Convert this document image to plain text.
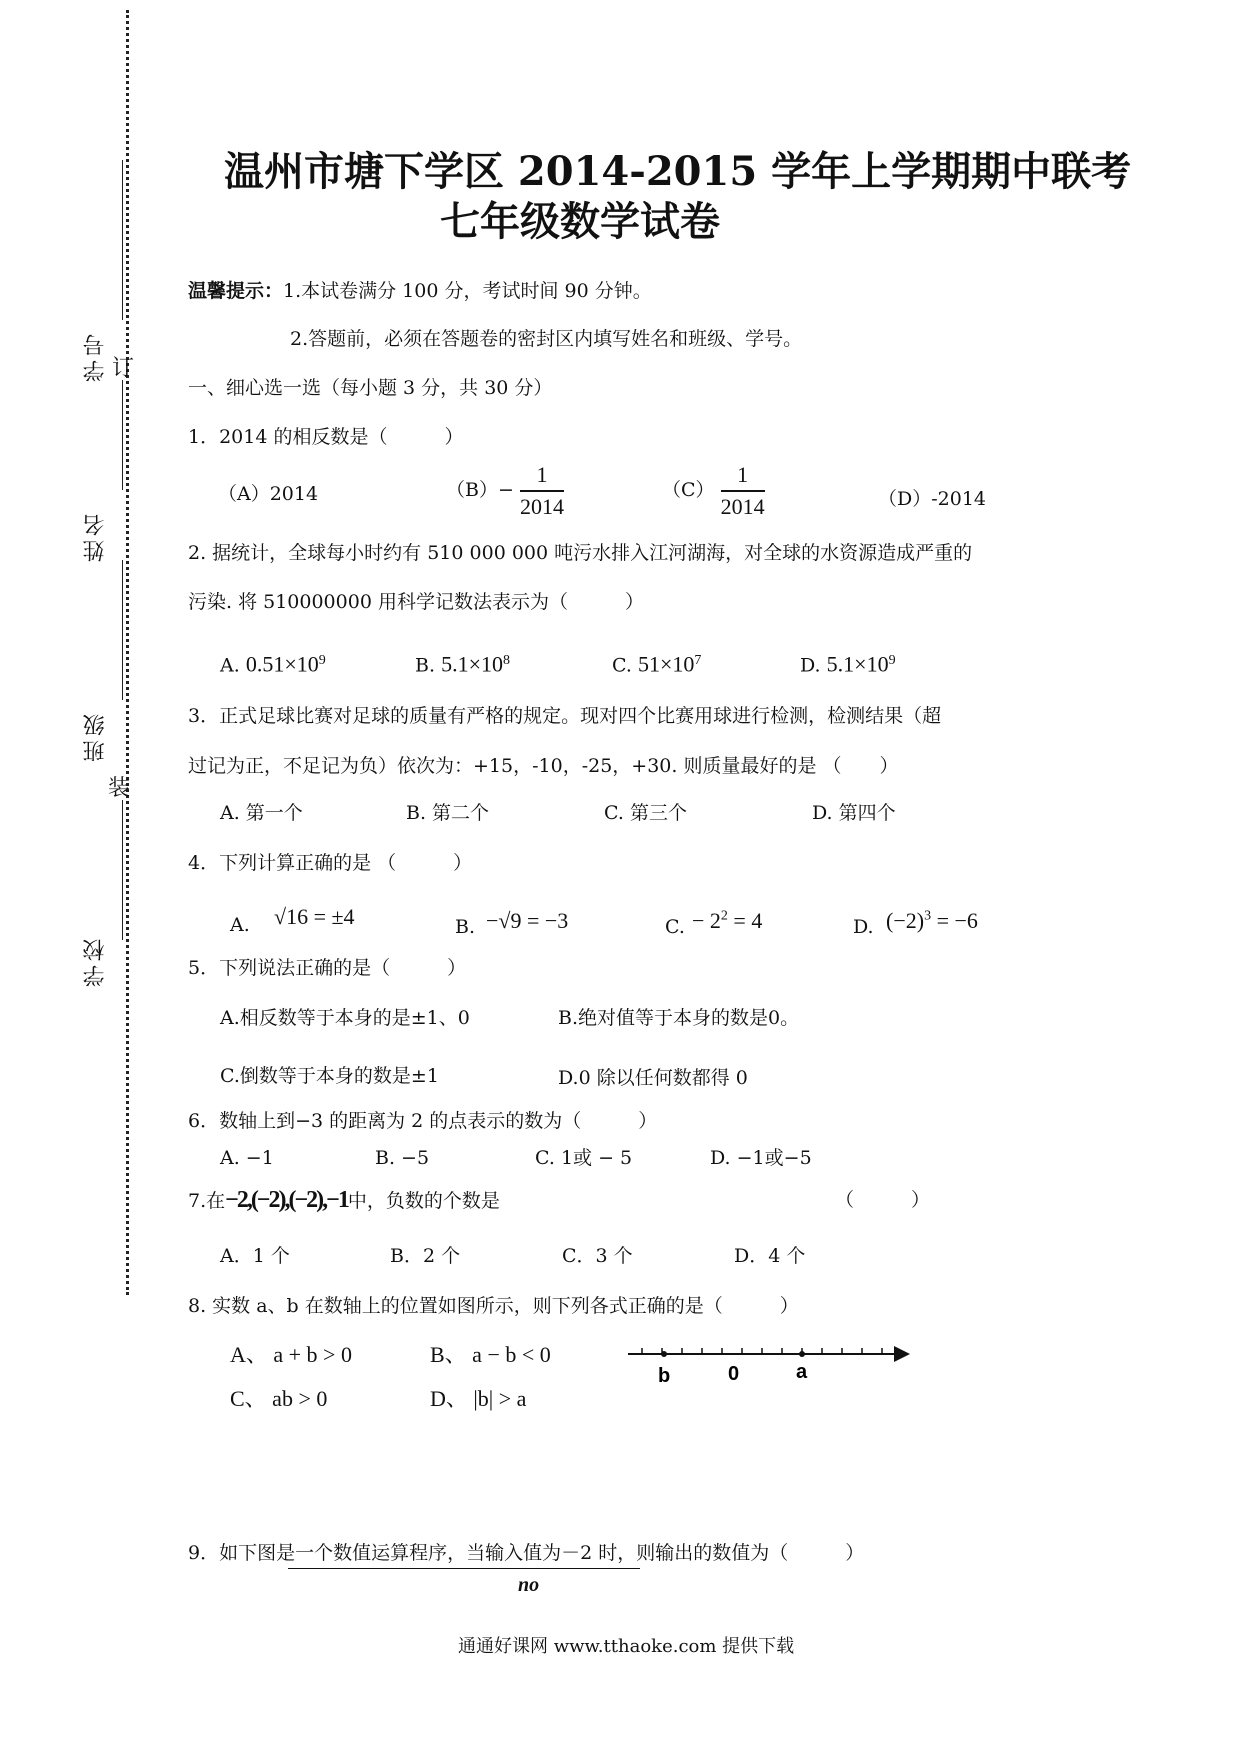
学号 订
姓名
班级
装
学校
温州市塘下学区 2014-2015 学年上学期期中联考
七年级数学试卷
温馨提示：1.本试卷满分 100 分，考试时间 90 分钟。
2.答题前，必须在答题卷的密封区内填写姓名和班级、学号。
一、细心选一选（每小题 3 分，共 30 分）
1．2014 的相反数是（　　　）
（A）2014	$(B)- \frac{1}{2014}$	$(C) \frac{1}{2014}$	（D）-2014
2. 据统计，全球每小时约有 510 000 000 吨污水排入江河湖海，对全球的水资源造成严重的
污染. 将 510000000 用科学记数法表示为（　　　）
A. $0.51\times 10^9$	B. $5.1\times 10^8$	C. $51\times 10^7$	D. $5.1\times 10^9$
3．正式足球比赛对足球的质量有严格的规定。现对四个比赛用球进行检测，检测结果（超
过记为正，不足记为负）依次为：+15，-10，-25，+30. 则质量最好的是 （　　）
A. 第一个	B. 第二个	C. 第三个	D. 第四个
4．下列计算正确的是 （　　　）
A. √16 = ±4	B. −√9 = −3	C. − $2^2 = 4$	D. $(-2)^3 = -6$
5．下列说法正确的是（　　　）
A.相反数等于本身的是±1、0	B.绝对值等于本身的数是0。
C.倒数等于本身的数是±1	D.0 除以任何数都得 0
6．数轴上到−3 的距离为 2 的点表示的数为（　　　）
A. −1	B. −5	C. 1或 − 5	D. −1或−5
7.在−2,(−2),(−2),−1中，负数的个数是	（　　　）
A．1 个	B．2 个	C．3 个	D．4 个
8. 实数 a、b 在数轴上的位置如图所示，则下列各式正确的是（　　　）
A、 a + b > 0	B、 a − b < 0
C、 ab > 0	D、 |b| > a
b	0	a
9．如下图是一个数值运算程序，当输入值为－2 时，则输出的数值为（　　　）
no
通通好课网 www.tthaoke.com 提供下载
